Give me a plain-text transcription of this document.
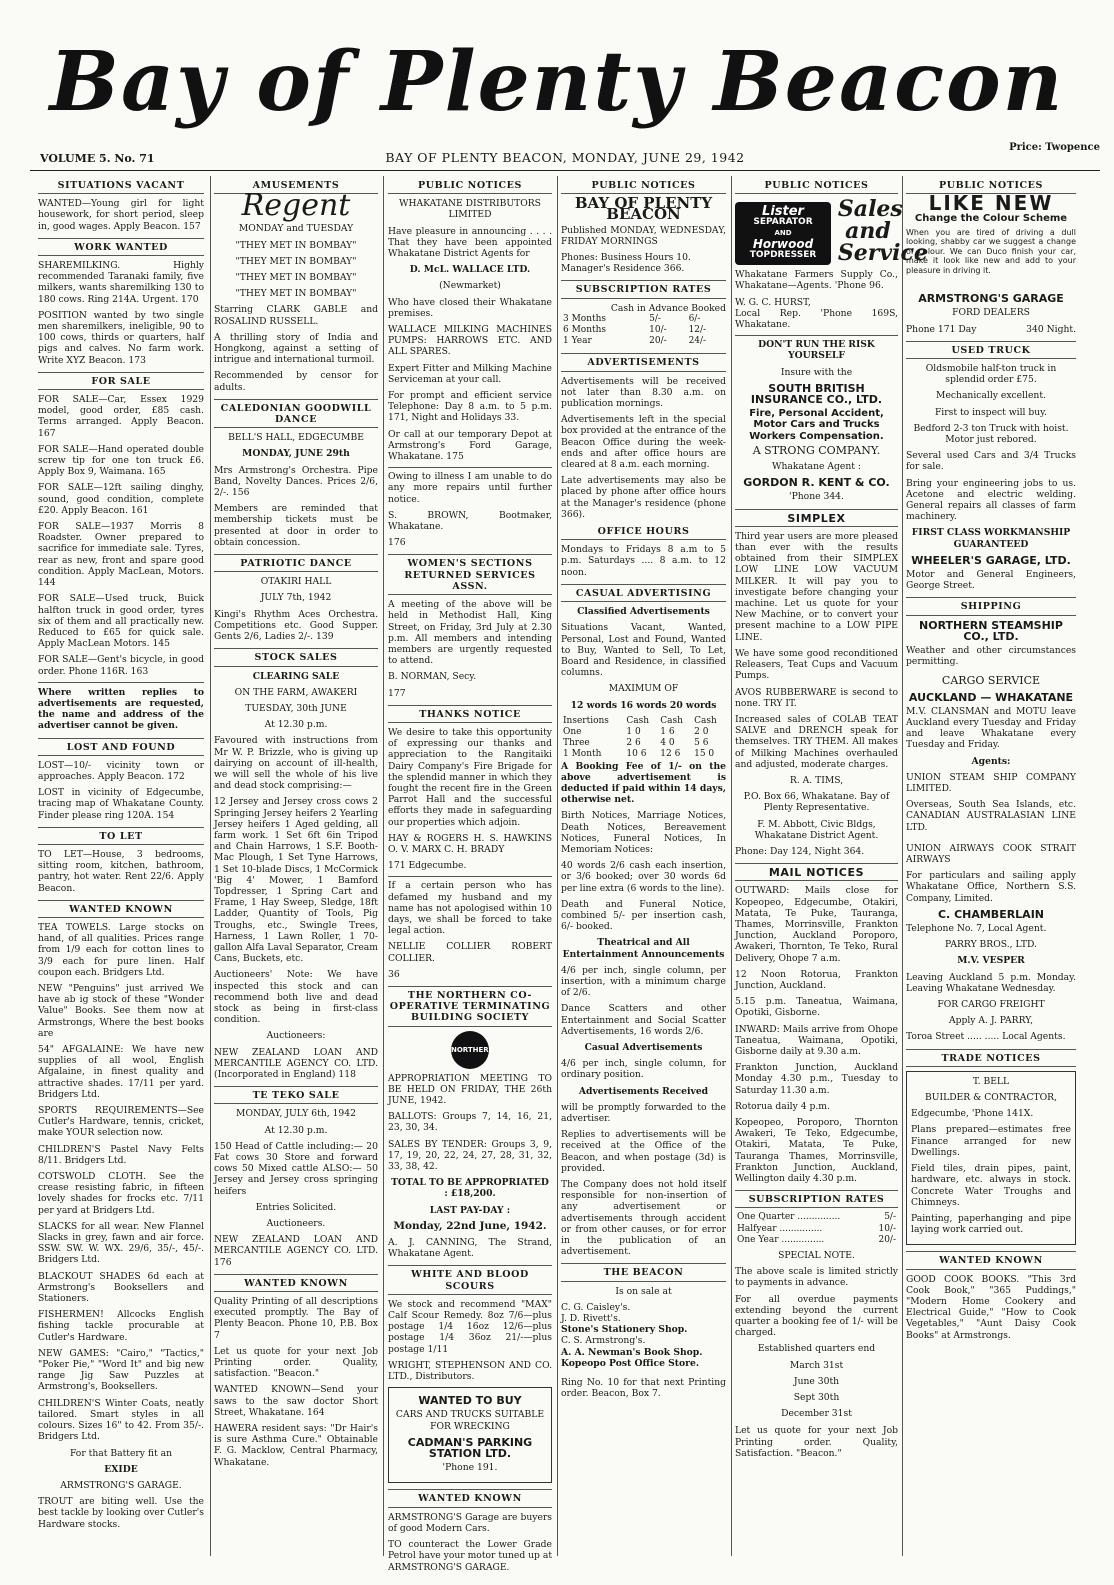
Bay of Plenty Beacon
VOLUME 5. No. 71	BAY OF PLENTY BEACON, MONDAY, JUNE 29, 1942
Price: Twopence
SITUATIONS VACANT

WANTED—Young girl for light housework, for short period, sleep in, good wages. Apply Beacon. 157

WORK WANTED

SHAREMILKING. Highly recommended Taranaki family, five milkers, wants sharemilking 130 to 180 cows. Ring 214A. Urgent. 170

POSITION wanted by two single men sharemilkers, ineligible, 90 to 100 cows, thirds or quarters, half pigs and calves. No farm work. Write XYZ Beacon. 173

FOR SALE

FOR SALE—Car, Essex 1929 model, good order, £85 cash. Terms arranged. Apply Beacon. 167

FOR SALE—Hand operated double screw tip for one ton truck £6. Apply Box 9, Waimana. 165

FOR SALE—12ft sailing dinghy, sound, good condition, complete £20. Apply Beacon. 161

FOR SALE—1937 Morris 8 Roadster. Owner prepared to sacrifice for immediate sale. Tyres, rear as new, front and spare good condition. Apply MacLean, Motors. 144

FOR SALE—Used truck, Buick halfton truck in good order, tyres six of them and all practically new. Reduced to £65 for quick sale. Apply MacLean Motors. 145

FOR SALE—Gent's bicycle, in good order. Phone 116R. 163

Where written replies to advertisements are requested, the name and address of the advertiser cannot be given.

LOST AND FOUND

LOST—10/- vicinity town or approaches. Apply Beacon. 172

LOST in vicinity of Edgecumbe, tracing map of Whakatane County. Finder please ring 120A. 154

TO LET

TO LET—House, 3 bedrooms, sitting room, kitchen, bathroom, pantry, hot water. Rent 22/6. Apply Beacon.

WANTED KNOWN

TEA TOWELS. Large stocks on hand, of all qualities. Prices range from 1/9 each for cotton lines to 3/9 each for pure linen. Half coupon each. Bridgers Ltd.

NEW "Penguins" just arrived We have ab ig stock of these "Wonder Value" Books. See them now at Armstrongs, Where the best books are

54" AFGALAINE: We have new supplies of all wool, English Afgalaine, in finest quality and attractive shades. 17/11 per yard. Bridgers Ltd.

SPORTS REQUIREMENTS—See Cutler's Hardware, tennis, cricket, make YOUR selection now.

CHILDREN'S Pastel Navy Felts 8/11. Bridgers Ltd.

COTSWOLD CLOTH. See the crease resisting fabric, in fifteen lovely shades for frocks etc. 7/11 per yard at Bridgers Ltd.

SLACKS for all wear. New Flannel Slacks in grey, fawn and air force. SSW. SW. W. WX. 29/6, 35/-, 45/-. Bridgers Ltd.

BLACKOUT SHADES 6d each at Armstrong's Booksellers and Stationers.

FISHERMEN! Allcocks English fishing tackle procurable at Cutler's Hardware.

NEW GAMES: "Cairo," "Tactics," "Poker Pie," "Word It" and big new range Jig Saw Puzzles at Armstrong's, Booksellers.

CHILDREN'S Winter Coats, neatly tailored. Smart styles in all colours. Sizes 16" to 42. From 35/-. Bridgers Ltd.

For that Battery fit an
EXIDE
ARMSTRONG'S GARAGE.

TROUT are biting well. Use the best tackle by looking over Cutler's Hardware stocks.

AMUSEMENTS
Regent
MONDAY and TUESDAY
"THEY MET IN BOMBAY"
"THEY MET IN BOMBAY"
"THEY MET IN BOMBAY"
"THEY MET IN BOMBAY"

Starring CLARK GABLE and ROSALIND RUSSELL.

A thrilling story of India and Hongkong, against a setting of intrigue and international turmoil.

Recommended by censor for adults.

CALEDONIAN GOODWILL DANCE
BELL'S HALL, EDGECUMBE
MONDAY, JUNE 29th

Mrs Armstrong's Orchestra. Pipe Band, Novelty Dances. Prices 2/6, 2/-. 156

Members are reminded that membership tickets must be presented at door in order to obtain concession.

PATRIOTIC DANCE
OTAKIRI HALL
JULY 7th, 1942

Kingi's Rhythm Aces Orchestra. Competitions etc. Good Supper. Gents 2/6, Ladies 2/-. 139

STOCK SALES
CLEARING SALE
ON THE FARM, AWAKERI
TUESDAY, 30th JUNE
At 12.30 p.m.

Favoured with instructions from Mr W. P. Brizzle, who is giving up dairying on account of ill-health, we will sell the whole of his live and dead stock comprising:—

12 Jersey and Jersey cross cows 2 Springing Jersey heifers 2 Yearling Jersey heifers 1 Aged gelding, all farm work. 1 Set 6ft 6in Tripod and Chain Harrows, 1 S.F. Booth-Mac Plough, 1 Set Tyne Harrows, 1 Set 10-blade Discs, 1 McCormick 'Big 4' Mower, 1 Bamford Topdresser, 1 Spring Cart and Frame, 1 Hay Sweep, Sledge, 18ft Ladder, Quantity of Tools, Pig Troughs, etc., Swingle Trees, Harness, 1 Lawn Roller, 1 70-gallon Alfa Laval Separator, Cream Cans, Buckets, etc.

Auctioneers' Note: We have inspected this stock and can recommend both live and dead stock as being in first-class condition.

Auctioneers:

NEW ZEALAND LOAN AND MERCANTILE AGENCY CO. LTD. (Incorporated in England) 118

TE TEKO SALE
MONDAY, JULY 6th, 1942
At 12.30 p.m.

150 Head of Cattle including:— 20 Fat cows 30 Store and forward cows 50 Mixed cattle ALSO:— 50 Jersey and Jersey cross springing heifers

Entries Solicited.
Auctioneers.

NEW ZEALAND LOAN AND MERCANTILE AGENCY CO. LTD. 176

WANTED KNOWN

Quality Printing of all descriptions executed promptly. The Bay of Plenty Beacon. Phone 10, P.B. Box 7

Let us quote for your next Job Printing order. Quality, satisfaction. "Beacon."

WANTED KNOWN—Send your saws to the saw doctor Short Street, Whakatane. 164

HAWERA resident says: "Dr Hair's is sure Asthma Cure." Obtainable F. G. Macklow, Central Pharmacy, Whakatane.

PUBLIC NOTICES
WHAKATANE DISTRIBUTORS LIMITED

Have pleasure in announcing . . . . That they have been appointed Whakatane District Agents for

D. McL. WALLACE LTD.
(Newmarket)

Who have closed their Whakatane premises.

WALLACE MILKING MACHINES PUMPS: HARROWS ETC. AND ALL SPARES.

Expert Fitter and Milking Machine Serviceman at your call.

For prompt and efficient service Telephone: Day 8 a.m. to 5 p.m. 171, Night and Holidays 33.

Or call at our temporary Depot at Armstrong's Ford Garage, Whakatane. 175

Owing to illness I am unable to do any more repairs until further notice.

S. BROWN, Bootmaker, Whakatane.

176
WOMEN'S SECTIONS RETURNED SERVICES ASSN.

A meeting of the above will be held in Methodist Hall, King Street, on Friday, 3rd July at 2.30 p.m. All members and intending members are urgently requested to attend.

B. NORMAN, Secy.

177
THANKS NOTICE

We desire to take this opportunity of expressing our thanks and appreciation to the Rangitaiki Dairy Company's Fire Brigade for the splendid manner in which they fought the recent fire in the Green Parrot Hall and the successful efforts they made in safeguarding our properties which adjoin.

HAY & ROGERS H. S. HAWKINS O. V. MARX C. H. BRADY

171 Edgecumbe.

If a certain person who has defamed my husband and my name has not apologised within 10 days, we shall be forced to take legal action.

NELLIE COLLIER ROBERT COLLIER.

36
THE NORTHERN CO-OPERATIVE TERMINATING BUILDING SOCIETY
NORTHERN

APPROPRIATION MEETING TO BE HELD ON FRIDAY, THE 26th JUNE, 1942.

BALLOTS: Groups 7, 14, 16, 21, 23, 30, 34.

SALES BY TENDER: Groups 3, 9, 17, 19, 20, 22, 24, 27, 28, 31, 32, 33, 38, 42.

TOTAL TO BE APPROPRIATED : £18,200.
LAST PAY-DAY :
Monday, 22nd June, 1942.

A. J. CANNING, The Strand, Whakatane Agent.

WHITE AND BLOOD SCOURS

We stock and recommend "MAX" Calf Scour Remedy. 8oz 7/6—plus postage 1/4 16oz 12/6—plus postage 1/4 36oz 21/-—plus postage 1/11

WRIGHT, STEPHENSON AND CO. LTD., Distributors.

WANTED TO BUY
CARS AND TRUCKS SUITABLE FOR WRECKING
CADMAN'S PARKING STATION LTD.
'Phone 191.
WANTED KNOWN

ARMSTRONG'S Garage are buyers of good Modern Cars.

TO counteract the Lower Grade Petrol have your motor tuned up at ARMSTRONG'S GARAGE.

PUBLIC NOTICES
BAY OF PLENTY BEACON

Published MONDAY, WEDNESDAY, FRIDAY MORNINGS

Phones: Business Hours 10.

Manager's Residence 366.

SUBSCRIPTION RATES
Cash in Advance Booked
3 Months	5/-	6/-
6 Months	10/-	12/-
1 Year	20/-	24/-
ADVERTISEMENTS

Advertisements will be received not later than 8.30 a.m. on publication mornings.

Advertisements left in the special box provided at the entrance of the Beacon Office during the week-ends and after office hours are cleared at 8 a.m. each morning.

Late advertisements may also be placed by phone after office hours at the Manager's residence (phone 366).

OFFICE HOURS

Mondays to Fridays 8 a.m to 5 p.m. Saturdays .... 8 a.m. to 12 noon.

CASUAL ADVERTISING
Classified Advertisements

Situations Vacant, Wanted, Personal, Lost and Found, Wanted to Buy, Wanted to Sell, To Let, Board and Residence, in classified columns.

MAXIMUM OF
12 words 16 words 20 words
Insertions	Cash	Cash	Cash
One	1 0	1 6	2 0
Three	2 6	4 0	5 6
1 Month	10 6	12 6	15 0

A Booking Fee of 1/- on the above advertisement is deducted if paid within 14 days, otherwise net.

Birth Notices, Marriage Notices, Death Notices, Bereavement Notices, Funeral Notices, In Memoriam Notices:

40 words 2/6 cash each insertion, or 3/6 booked; over 30 words 6d per line extra (6 words to the line).

Death and Funeral Notice, combined 5/- per insertion cash, 6/- booked.

Theatrical and All Entertainment Announcements

4/6 per inch, single column, per insertion, with a minimum charge of 2/6.

Dance Scatters and other Entertainment and Social Scatter Advertisements, 16 words 2/6.

Casual Advertisements

4/6 per inch, single column, for ordinary position.

Advertisements Received

will be promptly forwarded to the advertiser.

Replies to advertisements will be received at the Office of the Beacon, and when postage (3d) is provided.

The Company does not hold itself responsible for non-insertion of any advertisement or advertisements through accident or from other causes, or for error in the publication of an advertisement.

THE BEACON
Is on sale at
C. G. Caisley's.
J. D. Rivett's.
Stone's Stationery Shop.
C. S. Armstrong's.
A. A. Newman's Book Shop.
Kopeopo Post Office Store.

Ring No. 10 for that next Printing order. Beacon, Box 7.

PUBLIC NOTICES
Lister
SEPARATOR
AND
Horwood
TOPDRESSER
Sales and Service

Whakatane Farmers Supply Co., Whakatane—Agents. 'Phone 96.

W. G. C. HURST,

Local Rep. 'Phone 169S, Whakatane.

DON'T RUN THE RISK YOURSELF
Insure with the
SOUTH BRITISH INSURANCE CO., LTD.
Fire, Personal Accident, Motor Cars and Trucks Workers Compensation.
A STRONG COMPANY.
Whakatane Agent :
GORDON R. KENT & CO.
'Phone 344.
SIMPLEX

Third year users are more pleased than ever with the results obtained from their SIMPLEX LOW LINE LOW VACUUM MILKER. It will pay you to investigate before changing your machine. Let us quote for your New Machine, or to convert your present machine to a LOW PIPE LINE.

We have some good reconditioned Releasers, Teat Cups and Vacuum Pumps.

AVOS RUBBERWARE is second to none. TRY IT.

Increased sales of COLAB TEAT SALVE and DRENCH speak for themselves. TRY THEM. All makes of Milking Machines overhauled and adjusted, moderate charges.

R. A. TIMS,
P.O. Box 66, Whakatane. Bay of Plenty Representative.
F. M. Abbott, Civic Bldgs, Whakatane District Agent.

Phone: Day 124, Night 364.

MAIL NOTICES

OUTWARD: Mails close for Kopeopeo, Edgecumbe, Otakiri, Matata, Te Puke, Tauranga, Thames, Morrinsville, Frankton Junction, Auckland Poroporo, Awakeri, Thornton, Te Teko, Rural Delivery, Ohope 7 a.m.

12 Noon Rotorua, Frankton Junction, Auckland.

5.15 p.m. Taneatua, Waimana, Opotiki, Gisborne.

INWARD: Mails arrive from Ohope Taneatua, Waimana, Opotiki, Gisborne daily at 9.30 a.m.

Frankton Junction, Auckland Monday 4.30 p.m., Tuesday to Saturday 11.30 a.m.

Rotorua daily 4 p.m.

Kopeopeo, Poroporo, Thornton Awakeri, Te Teko, Edgecumbe, Otakiri, Matata, Te Puke, Tauranga Thames, Morrinsville, Frankton Junction, Auckland, Wellington daily 4.30 p.m.

SUBSCRIPTION RATES
One Quarter ...............	5/-
Halfyear ...............	10/-
One Year ...............	20/-
SPECIAL NOTE.

The above scale is limited strictly to payments in advance.

For all overdue payments extending beyond the current quarter a booking fee of 1/- will be charged.

Established quarters end
March 31st
June 30th
Sept 30th
December 31st

Let us quote for your next Job Printing order. Quality, Satisfaction. "Beacon."

PUBLIC NOTICES
LIKE NEW
Change the Colour Scheme

When you are tired of driving a dull looking, shabby car we suggest a change of colour. We can Duco finish your car, make it look like new and add to your pleasure in driving it.

ARMSTRONG'S GARAGE
FORD DEALERS
Phone 171 Day	340 Night.
USED TRUCK
Oldsmobile half-ton truck in splendid order £75.
Mechanically excellent.
First to inspect will buy.
Bedford 2-3 ton Truck with hoist. Motor just rebored.

Several used Cars and 3/4 Trucks for sale.

Bring your engineering jobs to us. Acetone and electric welding. General repairs all classes of farm machinery.

FIRST CLASS WORKMANSHIP GUARANTEED
WHEELER'S GARAGE, LTD.

Motor and General Engineers, George Street.

SHIPPING
NORTHERN STEAMSHIP CO., LTD.

Weather and other circumstances permitting.

CARGO SERVICE
AUCKLAND — WHAKATANE

M.V. CLANSMAN and MOTU leave Auckland every Tuesday and Friday and leave Whakatane every Tuesday and Friday.

Agents:

UNION STEAM SHIP COMPANY LIMITED.

Overseas, South Sea Islands, etc. CANADIAN AUSTRALASIAN LINE LTD.

UNION AIRWAYS COOK STRAIT AIRWAYS

For particulars and sailing apply Whakatane Office, Northern S.S. Company, Limited.

C. CHAMBERLAIN

Telephone No. 7, Local Agent.

PARRY BROS., LTD.
M.V. VESPER

Leaving Auckland 5 p.m. Monday. Leaving Whakatane Wednesday.

FOR CARGO FREIGHT
Apply A. J. PARRY,

Toroa Street ..... ..... Local Agents.

TRADE NOTICES
T. BELL
BUILDER & CONTRACTOR,

Edgecumbe, 'Phone 141X.

Plans prepared—estimates free Finance arranged for new Dwellings.

Field tiles, drain pipes, paint, hardware, etc. always in stock. Concrete Water Troughs and Chimneys.

Painting, paperhanging and pipe laying work carried out.

WANTED KNOWN

GOOD COOK BOOKS. "This 3rd Cook Book," "365 Puddings," "Modern Home Cookery and Electrical Guide," "How to Cook Vegetables," "Aunt Daisy Cook Books" at Armstrongs.
